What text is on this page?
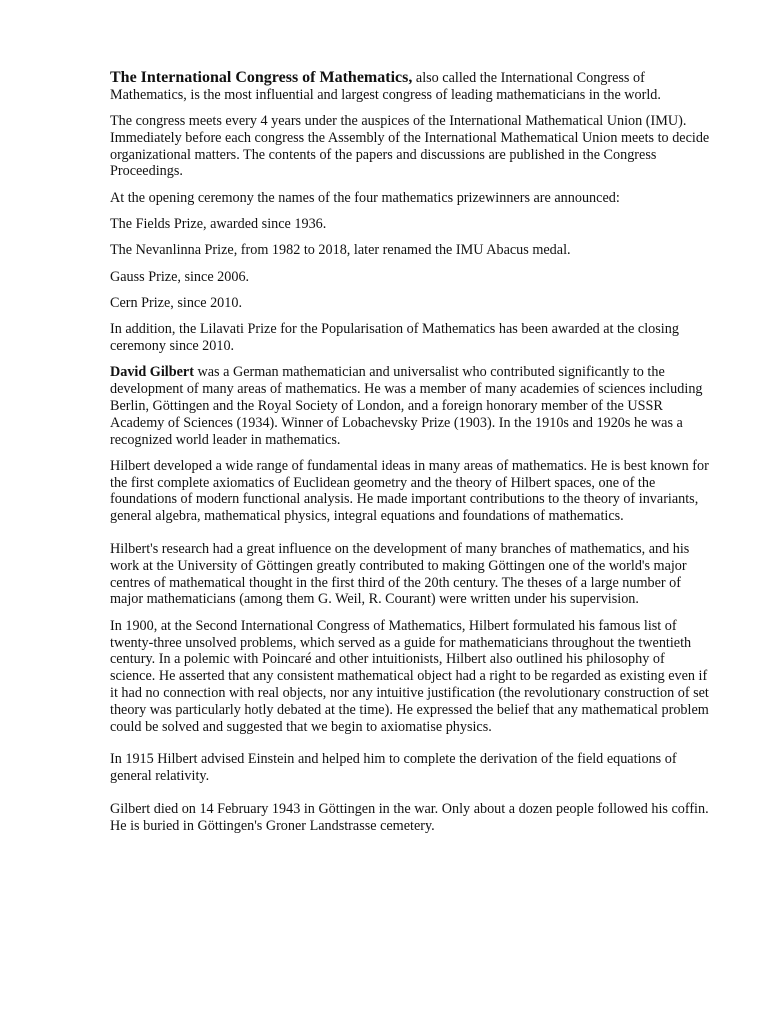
The International Congress of Mathematics, also called the International Congress of Mathematics, is the most influential and largest congress of leading mathematicians in the world.

The congress meets every 4 years under the auspices of the International Mathematical Union (IMU). Immediately before each congress the Assembly of the International Mathematical Union meets to decide organizational matters. The contents of the papers and discussions are published in the Congress Proceedings.

At the opening ceremony the names of the four mathematics prizewinners are announced:

The Fields Prize, awarded since 1936.

The Nevanlinna Prize, from 1982 to 2018, later renamed the IMU Abacus medal.

Gauss Prize, since 2006.

Cern Prize, since 2010.

In addition, the Lilavati Prize for the Popularisation of Mathematics has been awarded at the closing ceremony since 2010.

David Gilbert was a German mathematician and universalist who contributed significantly to the development of many areas of mathematics. He was a member of many academies of sciences including Berlin, Göttingen and the Royal Society of London, and a foreign honorary member of the USSR Academy of Sciences (1934). Winner of Lobachevsky Prize (1903). In the 1910s and 1920s he was a recognized world leader in mathematics.

Hilbert developed a wide range of fundamental ideas in many areas of mathematics. He is best known for the first complete axiomatics of Euclidean geometry and the theory of Hilbert spaces, one of the foundations of modern functional analysis. He made important contributions to the theory of invariants, general algebra, mathematical physics, integral equations and foundations of mathematics.

Hilbert's research had a great influence on the development of many branches of mathematics, and his work at the University of Göttingen greatly contributed to making Göttingen one of the world's major centres of mathematical thought in the first third of the 20th century. The theses of a large number of major mathematicians (among them G. Weil, R. Courant) were written under his supervision.

In 1900, at the Second International Congress of Mathematics, Hilbert formulated his famous list of twenty-three unsolved problems, which served as a guide for mathematicians throughout the twentieth century. In a polemic with Poincaré and other intuitionists, Hilbert also outlined his philosophy of science. He asserted that any consistent mathematical object had a right to be regarded as existing even if it had no connection with real objects, nor any intuitive justification (the revolutionary construction of set theory was particularly hotly debated at the time). He expressed the belief that any mathematical problem could be solved and suggested that we begin to axiomatise physics.

In 1915 Hilbert advised Einstein and helped him to complete the derivation of the field equations of general relativity.

Gilbert died on 14 February 1943 in Göttingen in the war. Only about a dozen people followed his coffin. He is buried in Göttingen's Groner Landstrasse cemetery.
